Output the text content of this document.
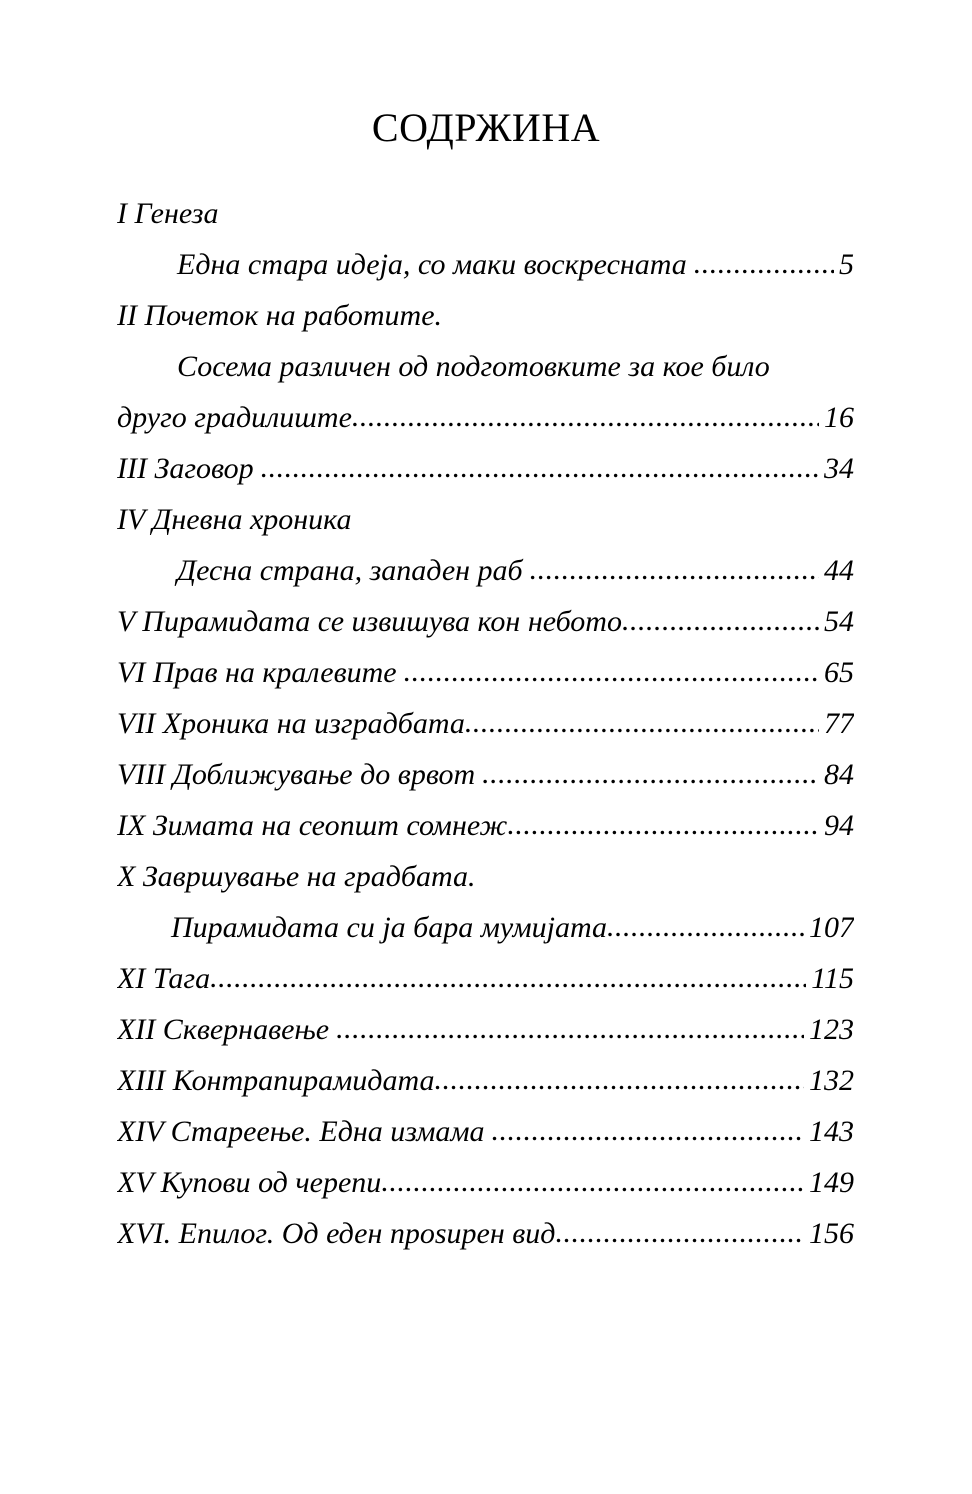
СОДРЖИНА
I Генеза
Една стара идеја, со маки воскресната .....	5
II Почеток на работите.
Сосема различен од подготовките за кое било
друго градилиште .....	16
III Заговор .....	34
IV Дневна хроника
Десна страна, западен раб .....	44
V Пирамидата се извишува кон небото .....	54
VI Прав на кралевите .....	65
VII Хроника на изградбата .....	77
VIII Доближување до врвот .....	84
IX Зимата на сеопшт сомнеж .....	94
X Завршување на градбата.
Пирамидата си ја бара мумијата .....	107
XI Тага .....	115
XII Сквернавење .....	123
XIII Контрапирамидата .....	132
XIV Стареење. Една измама .....	143
XV Купови од черепи .....	149
XVI. Епилог. Од еден проѕирен вид .....	156
